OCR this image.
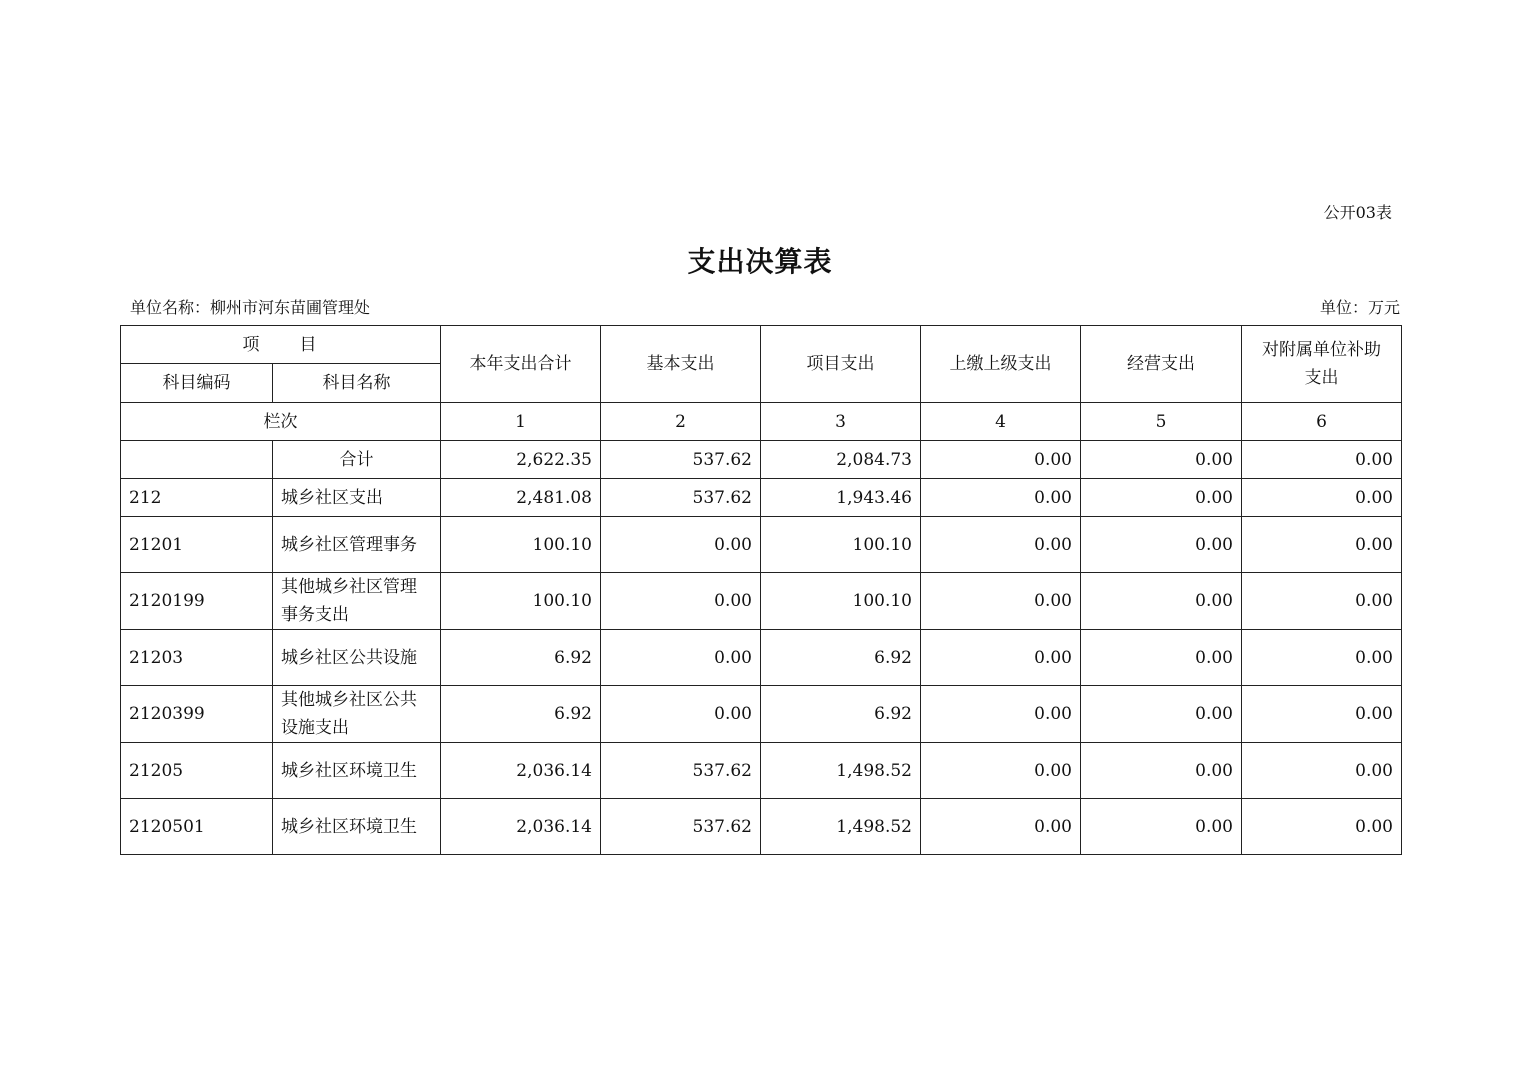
公开03表
支出决算表
单位名称：柳州市河东苗圃管理处	单位：万元
项　　目		本年支出合计	基本支出	项目支出	上缴上级支出	经营支出	对附属单位补助支出
科目编码	科目名称						
栏次		1	2	3	4	5	6
	合计	2,622.35	537.62	2,084.73	0.00	0.00	0.00
212	城乡社区支出	2,481.08	537.62	1,943.46	0.00	0.00	0.00
21201	城乡社区管理事务	100.10	0.00	100.10	0.00	0.00	0.00
2120199	其他城乡社区管理事务支出	100.10	0.00	100.10	0.00	0.00	0.00
21203	城乡社区公共设施	6.92	0.00	6.92	0.00	0.00	0.00
2120399	其他城乡社区公共设施支出	6.92	0.00	6.92	0.00	0.00	0.00
21205	城乡社区环境卫生	2,036.14	537.62	1,498.52	0.00	0.00	0.00
2120501	城乡社区环境卫生	2,036.14	537.62	1,498.52	0.00	0.00	0.00
